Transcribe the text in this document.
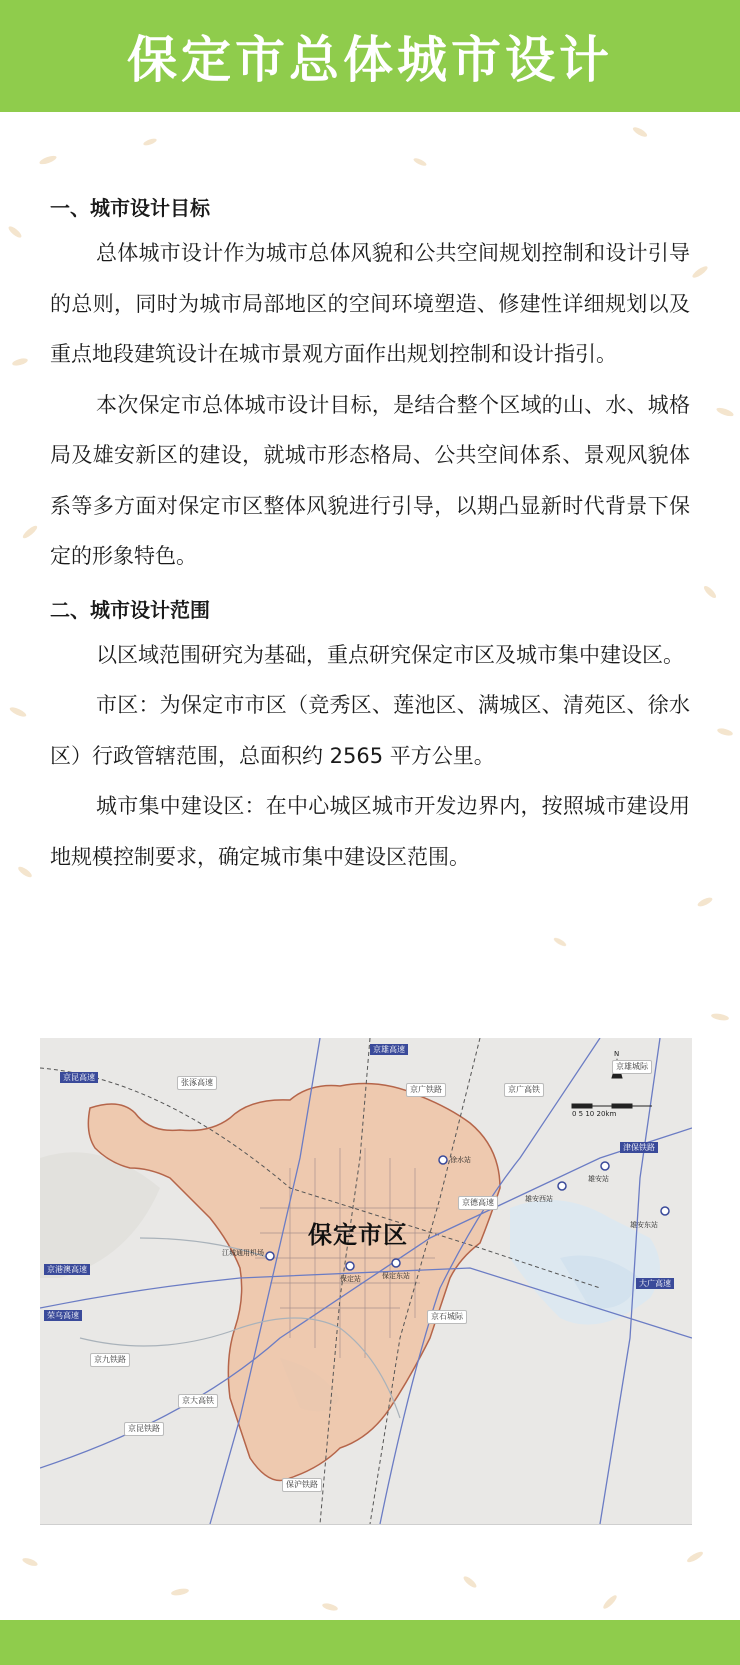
保定市总体城市设计
一、城市设计目标

总体城市设计作为城市总体风貌和公共空间规划控制和设计引导的总则，同时为城市局部地区的空间环境塑造、修建性详细规划以及重点地段建筑设计在城市景观方面作出规划控制和设计指引。

本次保定市总体城市设计目标，是结合整个区域的山、水、城格局及雄安新区的建设，就城市形态格局、公共空间体系、景观风貌体系等多方面对保定市区整体风貌进行引导，以期凸显新时代背景下保定的形象特色。

二、城市设计范围

以区域范围研究为基础，重点研究保定市区及城市集中建设区。

市区：为保定市市区（竞秀区、莲池区、满城区、清苑区、徐水区）行政管辖范围，总面积约 2565 平方公里。

城市集中建设区：在中心城区城市开发边界内，按照城市建设用地规模控制要求，确定城市集中建设区范围。

保定市区
N
0 5 10 20km
京昆高速
张涿高速
京雄高速
京广铁路	京广高铁
徐水站
京雄城际
雄安西站
雄安站
雄安东站
江城通用机场
保定站	保定东站
京德高速
京港澳高速
荣乌高速
京九铁路
京大高铁
京昆铁路
京石城际
保沪铁路
大广高速
津保铁路
